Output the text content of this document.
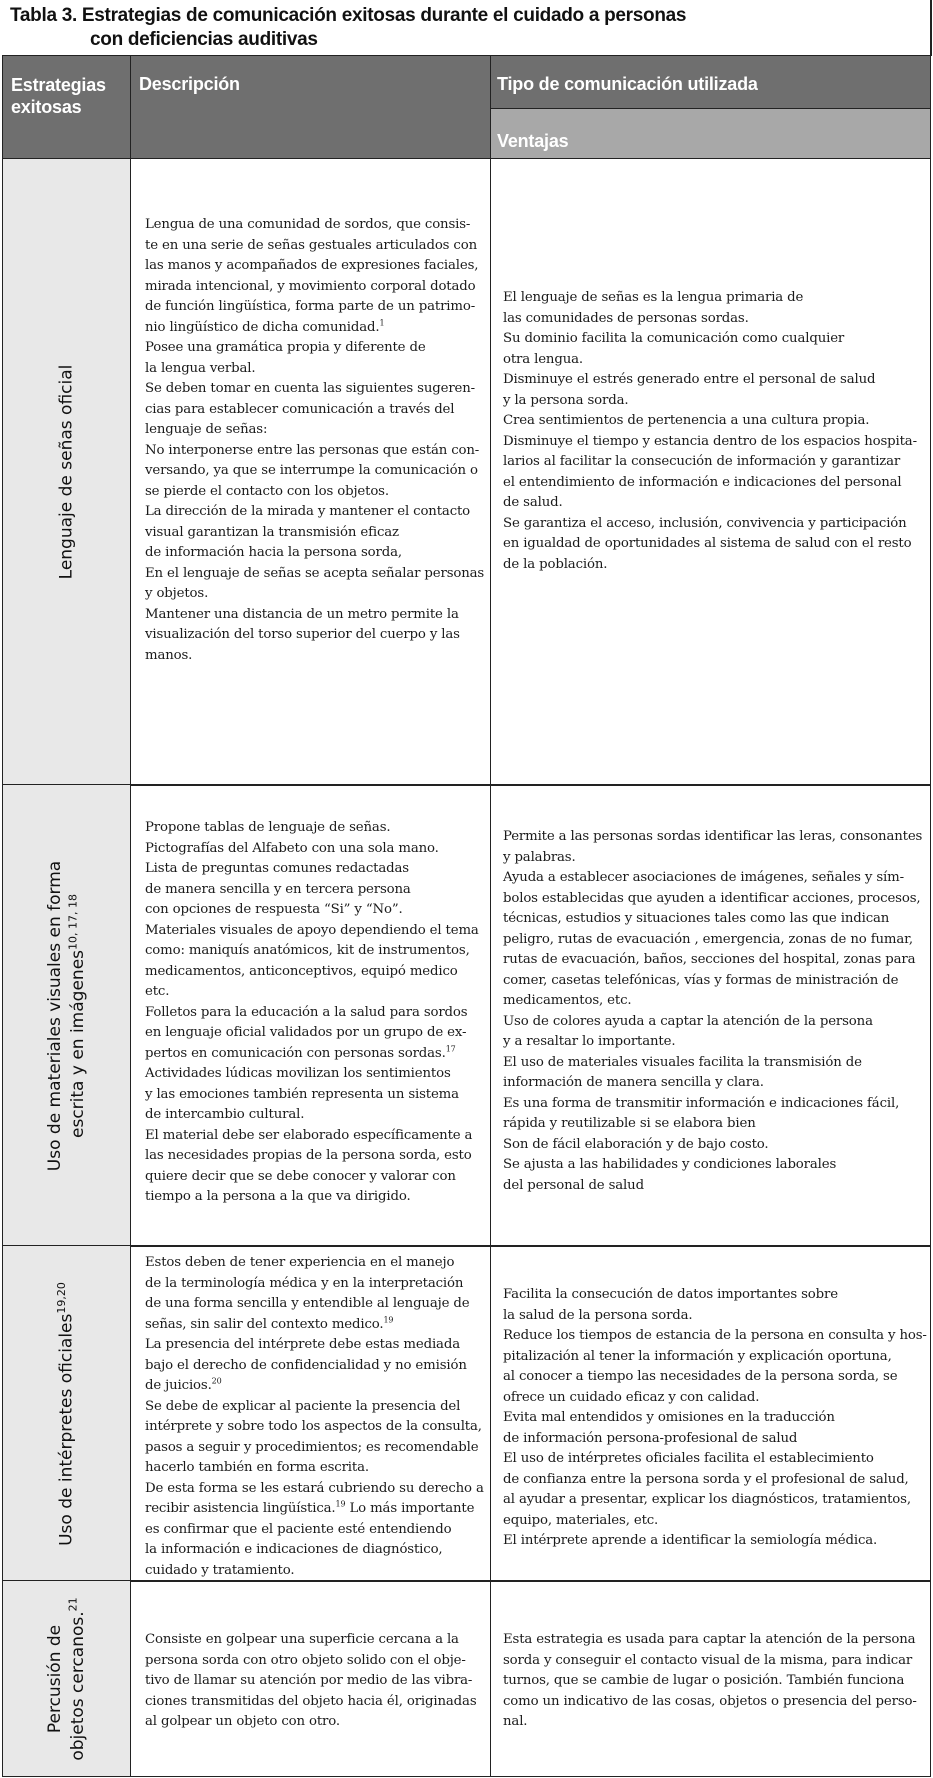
Tabla 3. Estrategias de comunicación exitosas durante el cuidado a personas
con deficiencias auditivas
Estrategias exitosas
Descripción	Tipo de comunicación utilizada
Ventajas
Lenguaje de señas oficial
Lengua de una comunidad de sordos, que consis-
te en una serie de señas gestuales articulados con
las manos y acompañados de expresiones faciales,
mirada intencional, y movimiento corporal dotado
de función lingüística, forma parte de un patrimo-
nio lingüístico de dicha comunidad.$^1$
Posee una gramática propia y diferente de
la lengua verbal.
Se deben tomar en cuenta las siguientes sugeren-
cias para establecer comunicación a través del
lenguaje de señas:
No interponerse entre las personas que están con-
versando, ya que se interrumpe la comunicación o
se pierde el contacto con los objetos.
La dirección de la mirada y mantener el contacto
visual garantizan la transmisión eficaz
de información hacia la persona sorda,
En el lenguaje de señas se acepta señalar personas
y objetos.
Mantener una distancia de un metro permite la
visualización del torso superior del cuerpo y las
manos.
El lenguaje de señas es la lengua primaria de
las comunidades de personas sordas.
Su dominio facilita la comunicación como cualquier
otra lengua.
Disminuye el estrés generado entre el personal de salud
y la persona sorda.
Crea sentimientos de pertenencia a una cultura propia.
Disminuye el tiempo y estancia dentro de los espacios hospita-
larios al facilitar la consecución de información y garantizar
el entendimiento de información e indicaciones del personal
de salud.
Se garantiza el acceso, inclusión, convivencia y participación
en igualdad de oportunidades al sistema de salud con el resto
de la población.
Uso de materiales visuales en forma escrita y en imágenes$^{10, 17, 18}$
Propone tablas de lenguaje de señas.
Pictografías del Alfabeto con una sola mano.
Lista de preguntas comunes redactadas
de manera sencilla y en tercera persona
con opciones de respuesta “Si” y “No”.
Materiales visuales de apoyo dependiendo el tema
como: maniquís anatómicos, kit de instrumentos,
medicamentos, anticonceptivos, equipó medico
etc.
Folletos para la educación a la salud para sordos
en lenguaje oficial validados por un grupo de ex-
pertos en comunicación con personas sordas.$^{17}$
Actividades lúdicas movilizan los sentimientos
y las emociones también representa un sistema
de intercambio cultural.
El material debe ser elaborado específicamente a
las necesidades propias de la persona sorda, esto
quiere decir que se debe conocer y valorar con
tiempo a la persona a la que va dirigido.
Permite a las personas sordas identificar las leras, consonantes
y palabras.
Ayuda a establecer asociaciones de imágenes, señales y sím-
bolos establecidas que ayuden a identificar acciones, procesos,
técnicas, estudios y situaciones tales como las que indican
peligro, rutas de evacuación , emergencia, zonas de no fumar,
rutas de evacuación, baños, secciones del hospital, zonas para
comer, casetas telefónicas, vías y formas de ministración de
medicamentos, etc.
Uso de colores ayuda a captar la atención de la persona
y a resaltar lo importante.
El uso de materiales visuales facilita la transmisión de
información de manera sencilla y clara.
Es una forma de transmitir información e indicaciones fácil,
rápida y reutilizable si se elabora bien
Son de fácil elaboración y de bajo costo.
Se ajusta a las habilidades y condiciones laborales
del personal de salud
Uso de intérpretes oficiales$^{19,20}$
Estos deben de tener experiencia en el manejo
de la terminología médica y en la interpretación
de una forma sencilla y entendible al lenguaje de
señas, sin salir del contexto medico.$^{19}$
La presencia del intérprete debe estas mediada
bajo el derecho de confidencialidad y no emisión
de juicios.$^{20}$
Se debe de explicar al paciente la presencia del
intérprete y sobre todo los aspectos de la consulta,
pasos a seguir y procedimientos; es recomendable
hacerlo también en forma escrita.
De esta forma se les estará cubriendo su derecho a
recibir asistencia lingüística.$^{19}$ Lo más importante
es confirmar que el paciente esté entendiendo
la información e indicaciones de diagnóstico,
cuidado y tratamiento.
Facilita la consecución de datos importantes sobre
la salud de la persona sorda.
Reduce los tiempos de estancia de la persona en consulta y hos-
pitalización al tener la información y explicación oportuna,
al conocer a tiempo las necesidades de la persona sorda, se
ofrece un cuidado eficaz y con calidad.
Evita mal entendidos y omisiones en la traducción
de información persona-profesional de salud
El uso de intérpretes oficiales facilita el establecimiento
de confianza entre la persona sorda y el profesional de salud,
al ayudar a presentar, explicar los diagnósticos, tratamientos,
equipo, materiales, etc.
El intérprete aprende a identificar la semiología médica.
Percusión de objetos cercanos.$^{21}$
Consiste en golpear una superficie cercana a la
persona sorda con otro objeto solido con el obje-
tivo de llamar su atención por medio de las vibra-
ciones transmitidas del objeto hacia él, originadas
al golpear un objeto con otro.
Esta estrategia es usada para captar la atención de la persona
sorda y conseguir el contacto visual de la misma, para indicar
turnos, que se cambie de lugar o posición. También funciona
como un indicativo de las cosas, objetos o presencia del perso-
nal.
